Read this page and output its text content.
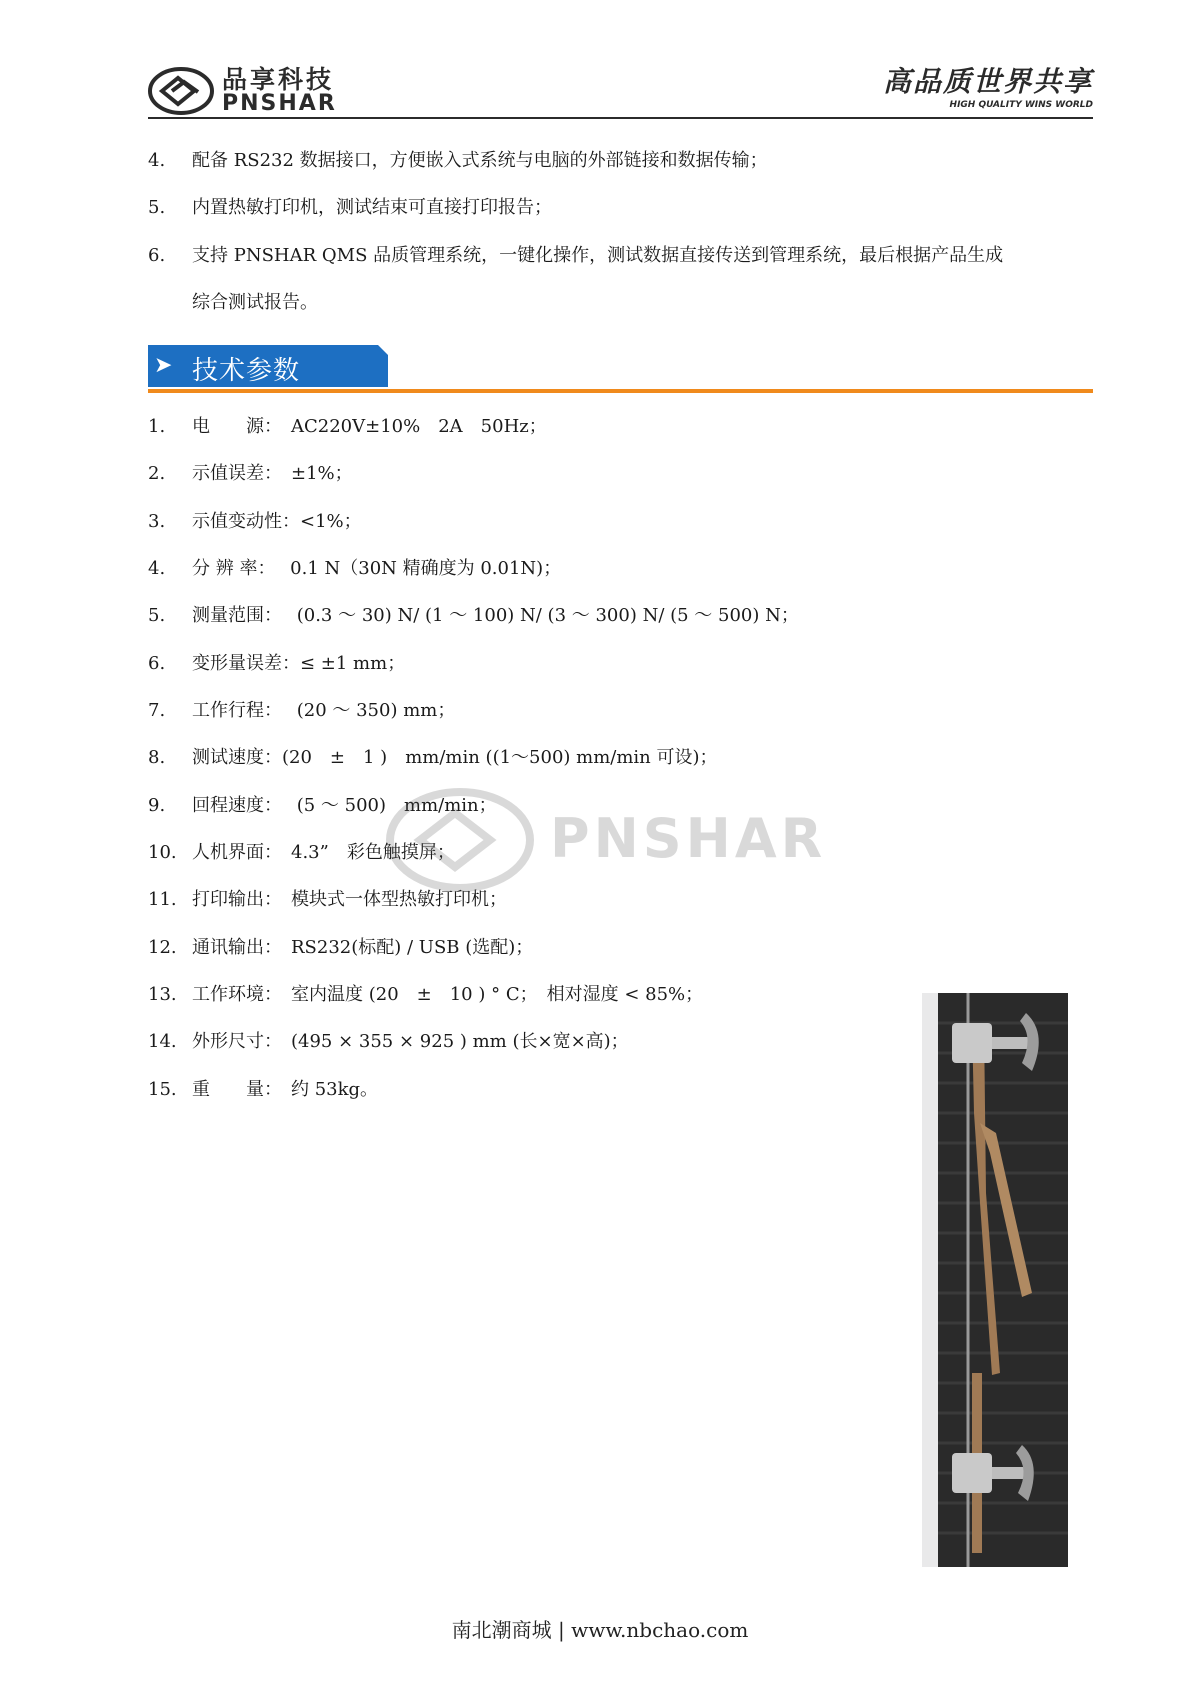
品享科技
PNSHAR
高品质世界共享
HIGH QUALITY WINS WORLD
4. 配备 RS232 数据接口，方便嵌入式系统与电脑的外部链接和数据传输；
5. 内置热敏打印机，测试结束可直接打印报告；
6. 支持 PNSHAR QMS 品质管理系统，一键化操作，测试数据直接传送到管理系统，最后根据产品生成
综合测试报告。
➤ 技术参数
1. 电　　源：　AC220V±10%　2A　50Hz；
2. 示值误差：　±1%；
3. 示值变动性：<1%；
4. 分 辨 率：　 0.1 N（30N 精确度为 0.01N)；
5. 测量范围：　 (0.3 ～ 30) N/ (1 ～ 100) N/ (3 ～ 300) N/ (5 ～ 500) N；
6. 变形量误差：≤ ±1 mm；
7. 工作行程：　 (20 ～ 350) mm；
8. 测试速度：(20　±　1 )　mm/min ((1～500) mm/min 可设)；
9. 回程速度：　 (5 ～ 500)　mm/min；
10. 人机界面：　4.3”　彩色触摸屏；
11. 打印输出：　模块式一体型热敏打印机；
12. 通讯输出：　RS232(标配) / USB (选配)；
13. 工作环境：　室内温度 (20　±　10 ) ° C；　相对湿度 < 85%；
14. 外形尺寸：　(495 × 355 × 925 ) mm (长×宽×高)；
15. 重　　量：　约 53kg。
PNSHAR
南北潮商城 | www.nbchao.com
